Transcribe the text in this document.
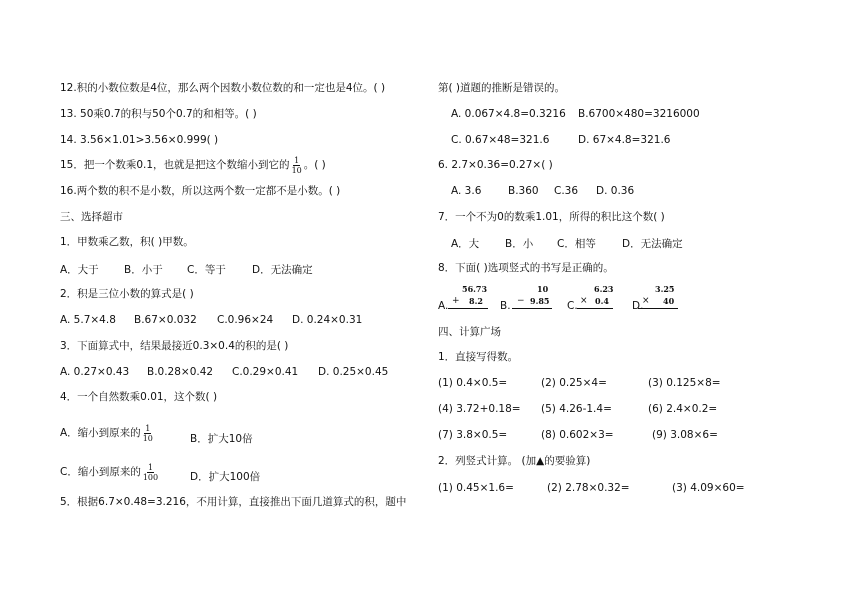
12.积的小数位数是4位，那么两个因数小数位数的和一定也是4位。( )
13. 50乘0.7的积与50个0.7的和相等。( )
14. 3.56×1.01>3.56×0.999( )
15．把一个数乘0.1，也就是把这个数缩小到它的 $\frac{1}{10}$ 。( )
16.两个数的积不是小数，所以这两个数一定都不是小数。( )
三、选择超市
1．甲数乘乙数，积( )甲数。
A．大于 B．小于 C．等于 D．无法确定
2．积是三位小数的算式是( )
A. 5.7×4.8 B.67×0.032 C.0.96×24 D. 0.24×0.31
3．下面算式中，结果最接近0.3×0.4的积的是( )
A. 0.27×0.43 B.0.28×0.42 C.0.29×0.41 D. 0.25×0.45
4．一个自然数乘0.01，这个数( )
A．缩小到原来的 $\frac{1}{10}$	B．扩大10倍
C．缩小到原来的 $\frac{1}{100}$	D．扩大100倍
5．根据6.7×0.48=3.216，不用计算，直接推出下面几道算式的积，题中
第( )道题的推断是错误的。
A. 0.067×4.8=0.3216 B.6700×480=3216000
C. 0.67×48=321.6	D. 67×4.8=321.6
6. 2.7×0.36=0.27×( )
A. 3.6	B.360 C.36 D. 0.36
7．一个不为0的数乘1.01，所得的积比这个数( )
A．大 B．小 C．相等 D．无法确定
8．下面( )选项竖式的书写是正确的。
A.
56.73
+ 8.2 B.
10
− 9.85 C.
6.23
× 0.4 D.
3.25
× 40
四、计算广场
1．直接写得数。
(1) 0.4×0.5=	(2) 0.25×4=	(3) 0.125×8=
(4) 3.72+0.18= (5) 4.26-1.4=	(6) 2.4×0.2=
(7) 3.8×0.5=	(8) 0.602×3=	(9) 3.08×6=
2．列竖式计算。 (加▲的要验算)
(1) 0.45×1.6=	(2) 2.78×0.32=	(3) 4.09×60=
